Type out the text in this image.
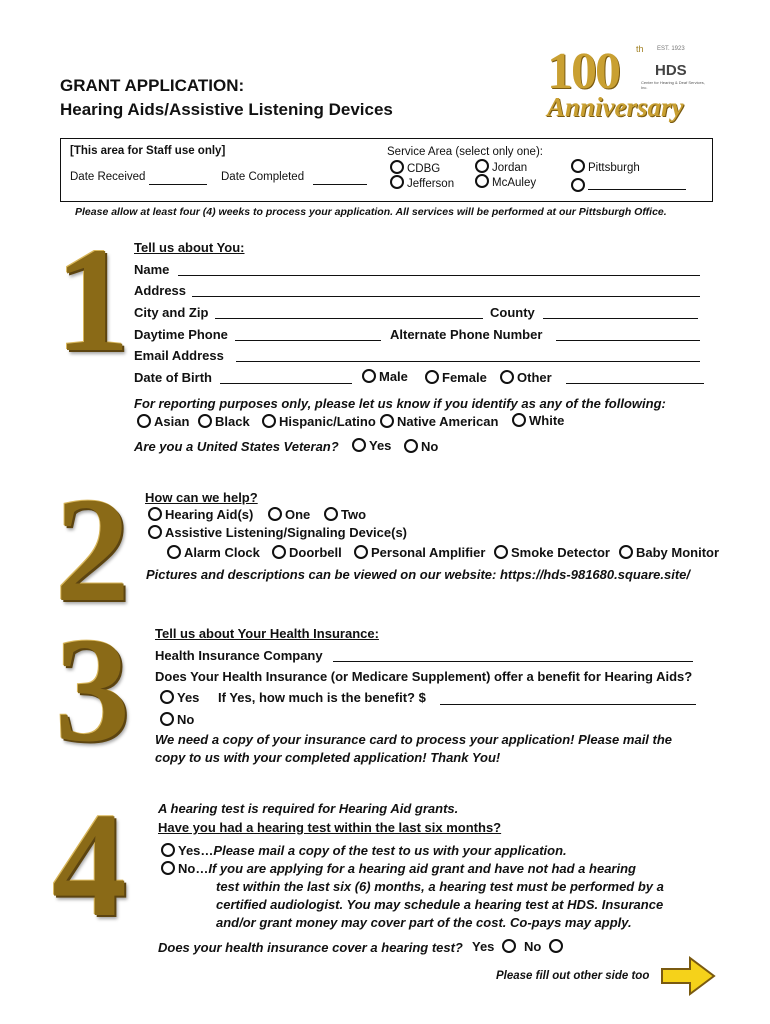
GRANT APPLICATION:
Hearing Aids/Assistive Listening Devices
100 th EST. 1923
HDS
Center for Hearing & Deaf Services, Inc.
Anniversary
[This area for Staff use only]
Date Received	Date Completed
Service Area (select only one):
CDBG
Jefferson
Jordan
McAuley
Pittsburgh
Please allow at least four (4) weeks to process your application. All services will be performed at our Pittsburgh Office.
1
2
3
4
Tell us about You:
Name
Address
City and Zip	County
Daytime Phone	Alternate Phone Number
Email Address
Date of Birth	Male	Female	Other
For reporting purposes only, please let us know if you identify as any of the following:
Asian	Black	Hispanic/Latino	Native American	White
Are you a United States Veteran?	Yes	No
How can we help?
Hearing Aid(s)	One	Two
Assistive Listening/Signaling Device(s)
Alarm Clock	Doorbell	Personal Amplifier	Smoke Detector	Baby Monitor
Pictures and descriptions can be viewed on our website: https://hds-981680.square.site/
Tell us about Your Health Insurance:
Health Insurance Company
Does Your Health Insurance (or Medicare Supplement) offer a benefit for Hearing Aids?
Yes If Yes, how much is the benefit? $
No
We need a copy of your insurance card to process your application! Please mail the
copy to us with your completed application! Thank You!
A hearing test is required for Hearing Aid grants.
Have you had a hearing test within the last six months?
Yes…Please mail a copy of the test to us with your application.
No…If you are applying for a hearing aid grant and have not had a hearing
test within the last six (6) months, a hearing test must be performed by a
certified audiologist. You may schedule a hearing test at HDS. Insurance
and/or grant money may cover part of the cost. Co-pays may apply.
Does your health insurance cover a hearing test? Yes	No
Please fill out other side too
